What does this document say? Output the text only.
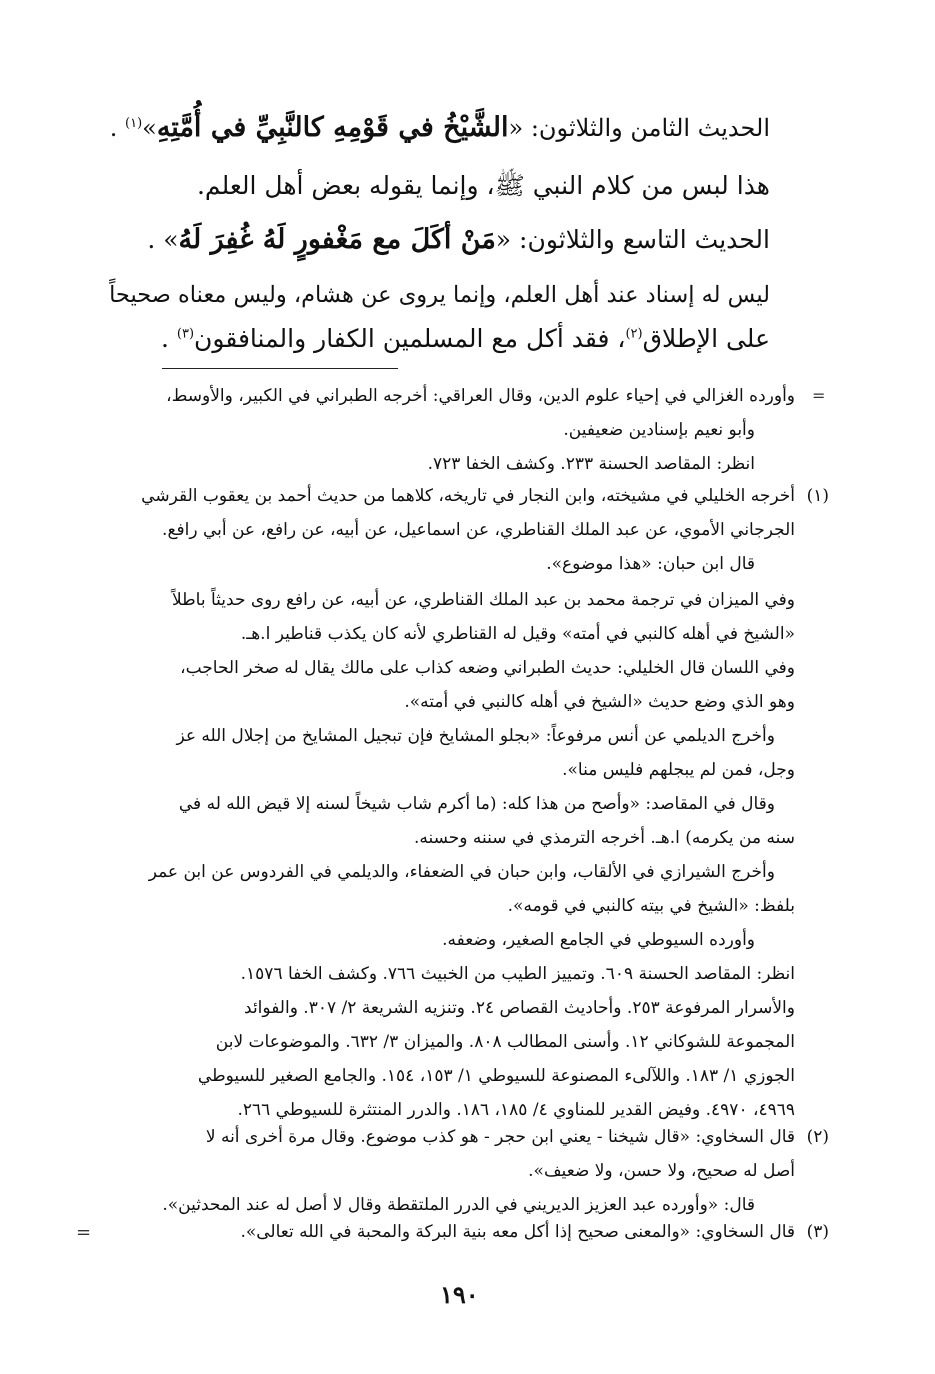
الحديث الثامن والثلاثون: «الشَّيْخُ في قَوْمِهِ كالنَّبِيِّ في أُمَّتِهِ»$^{(١)}$ .
هذا لبس من كلام النبي ﷺ، وإنما يقوله بعض أهل العلم.
الحديث التاسع والثلاثون: «مَنْ أكَلَ مع مَغْفورٍ لَهُ غُفِرَ لَهُ» .
ليس له إسناد عند أهل العلم، وإنما يروى عن هشام، وليس معناه صحيحاً
على الإطلاق$^{(٢)}$، فقد أكل مع المسلمين الكفار والمنافقون$^{(٣)}$ .
=
=
وأورده الغزالي في إحياء علوم الدين، وقال العراقي: أخرجه الطبراني في الكبير، والأوسط،
وأبو نعيم بإسنادين ضعيفين.
انظر: المقاصد الحسنة ٢٣٣. وكشف الخفا ٧٢٣.
(١)
أخرجه الخليلي في مشيخته، وابن النجار في تاريخه، كلاهما من حديث أحمد بن يعقوب القرشي
الجرجاني الأموي، عن عبد الملك القناطري، عن اسماعيل، عن أبيه، عن رافع، عن أبي رافع.
قال ابن حبان: «هذا موضوع».
وفي الميزان في ترجمة محمد بن عبد الملك القناطري، عن أبيه، عن رافع روى حديثاً باطلاً
«الشيخ في أهله كالنبي في أمته» وقيل له القناطري لأنه كان يكذب قناطير ا.هـ.
وفي اللسان قال الخليلي: حديث الطبراني وضعه كذاب على مالك يقال له صخر الحاجب،
وهو الذي وضع حديث «الشيخ في أهله كالنبي في أمته».
وأخرج الديلمي عن أنس مرفوعاً: «بجلو المشايخ فإن تبجيل المشايخ من إجلال الله عز
وجل، فمن لم يبجلهم فليس منا».
وقال في المقاصد: «وأصح من هذا كله: (ما أكرم شاب شيخاً لسنه إلا قيض الله له في
سنه من يكرمه) ا.هـ. أخرجه الترمذي في سننه وحسنه.
وأخرج الشيرازي في الألقاب، وابن حبان في الضعفاء، والديلمي في الفردوس عن ابن عمر
بلفظ: «الشيخ في بيته كالنبي في قومه».
وأورده السيوطي في الجامع الصغير، وضعفه.
انظر: المقاصد الحسنة ٦٠٩. وتمييز الطيب من الخبيث ٧٦٦. وكشف الخفا ١٥٧٦.
والأسرار المرفوعة ٢٥٣. وأحاديث القصاص ٢٤. وتنزيه الشريعة ٢/ ٣٠٧. والفوائد
المجموعة للشوكاني ١٢. وأسنى المطالب ٨٠٨. والميزان ٣/ ٦٣٢. والموضوعات لابن
الجوزي ١/ ١٨٣. واللآلىء المصنوعة للسيوطي ١/ ١٥٣، ١٥٤. والجامع الصغير للسيوطي
٤٩٦٩، ٤٩٧٠. وفيض القدير للمناوي ٤/ ١٨٥، ١٨٦. والدرر المنتثرة للسيوطي ٢٦٦.
(٢)
قال السخاوي: «قال شيخنا - يعني ابن حجر - هو كذب موضوع. وقال مرة أخرى أنه لا
أصل له صحيح، ولا حسن، ولا ضعيف».
قال: «وأورده عبد العزيز الديريني في الدرر الملتقطة وقال لا أصل له عند المحدثين».
(٣)
قال السخاوي: «والمعنى صحيح إذا أكل معه بنية البركة والمحبة في الله تعالى».
١٩٠
